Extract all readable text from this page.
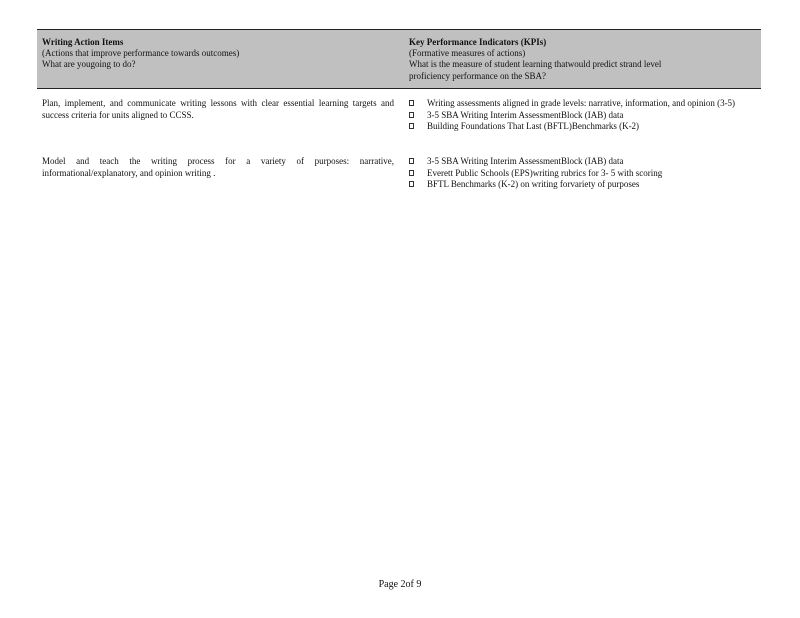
Writing Action Items
(Actions that improve performance towards outcomes)
What are yougoing to do?
Key Performance Indicators (KPIs)
(Formative measures of actions)
What is the measure of student learning thatwould predict strand level
proficiency performance on the SBA?
Plan, implement, and communicate writing lessons with clear essential learning targets and success criteria for units aligned to CCSS.
Writing assessments aligned in grade levels: narrative, information, and opinion (3-5)
3-5 SBA Writing Interim AssessmentBlock (IAB) data
Building Foundations That Last (BFTL)Benchmarks (K-2)
Model and teach the writing process for a variety of purposes: narrative, informational/explanatory, and opinion writing .
3-5 SBA Writing Interim AssessmentBlock (IAB) data
Everett Public Schools (EPS)writing rubrics for 3- 5 with scoring
BFTL Benchmarks (K-2) on writing forvariety of purposes
Page 2of 9
